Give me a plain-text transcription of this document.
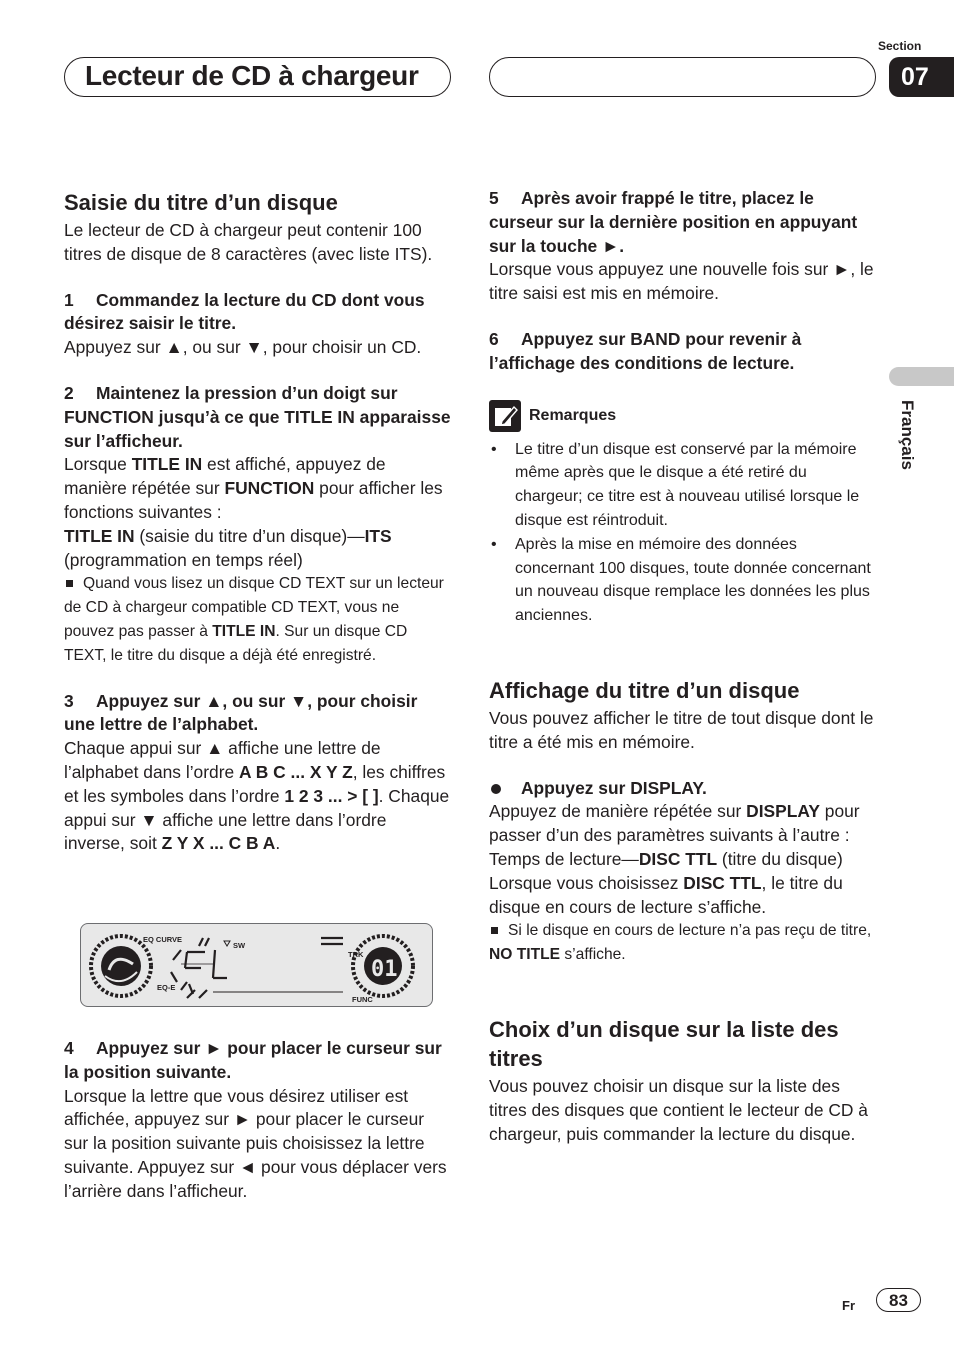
Lecteur de CD à chargeur
Section
07
Français
Saisie du titre d’un disque

Le lecteur de CD à chargeur peut contenir 100 titres de disque de 8 caractères (avec liste ITS).

1 Commandez la lecture du CD dont vous désirez saisir le titre.

Appuyez sur ▲, ou sur ▼, pour choisir un CD.

2 Maintenez la pression d’un doigt sur FUNCTION jusqu’à ce que TITLE IN apparaisse sur l’afficheur.

Lorsque TITLE IN est affiché, appuyez de manière répétée sur FUNCTION pour afficher les fonctions suivantes :

TITLE IN (saisie du titre d’un disque)—ITS (programmation en temps réel)

Quand vous lisez un disque CD TEXT sur un lecteur de CD à chargeur compatible CD TEXT, vous ne pouvez pas passer à TITLE IN. Sur un disque CD TEXT, le titre du disque a déjà été enregistré.

3 Appuyez sur ▲, ou sur ▼, pour choisir une lettre de l’alphabet.

Chaque appui sur ▲ affiche une lettre de l’alphabet dans l’ordre A B C ... X Y Z, les chiffres et les symboles dans l’ordre 1 2 3 ... > [ ]. Chaque appui sur ▼ affiche une lettre dans l’ordre inverse, soit Z Y X ... C B A.

01
EQ CURVE
SW
EQ-E
TRK
FUNC

4 Appuyez sur ► pour placer le curseur sur la position suivante.

Lorsque la lettre que vous désirez utiliser est affichée, appuyez sur ► pour placer le curseur sur la position suivante puis choisissez la lettre suivante. Appuyez sur ◄ pour vous déplacer vers l’arrière dans l’afficheur.

5 Après avoir frappé le titre, placez le curseur sur la dernière position en appuyant sur la touche ►.

Lorsque vous appuyez une nouvelle fois sur ►, le titre saisi est mis en mémoire.

6 Appuyez sur BAND pour revenir à l’affichage des conditions de lecture.

Remarques

• Le titre d’un disque est conservé par la mémoire même après que le disque a été retiré du chargeur; ce titre est à nouveau utilisé lorsque le disque est réintroduit.

• Après la mise en mémoire des données concernant 100 disques, toute donnée concernant un nouveau disque remplace les données les plus anciennes.

Affichage du titre d’un disque

Vous pouvez afficher le titre de tout disque dont le titre a été mis en mémoire.

Appuyez sur DISPLAY.

Appuyez de manière répétée sur DISPLAY pour passer d’un des paramètres suivants à l’autre :

Temps de lecture—DISC TTL (titre du disque)

Lorsque vous choisissez DISC TTL, le titre du disque en cours de lecture s’affiche.

Si le disque en cours de lecture n’a pas reçu de titre, NO TITLE s’affiche.

Choix d’un disque sur la liste des titres

Vous pouvez choisir un disque sur la liste des titres des disques que contient le lecteur de CD à chargeur, puis commander la lecture du disque.

Fr	83
